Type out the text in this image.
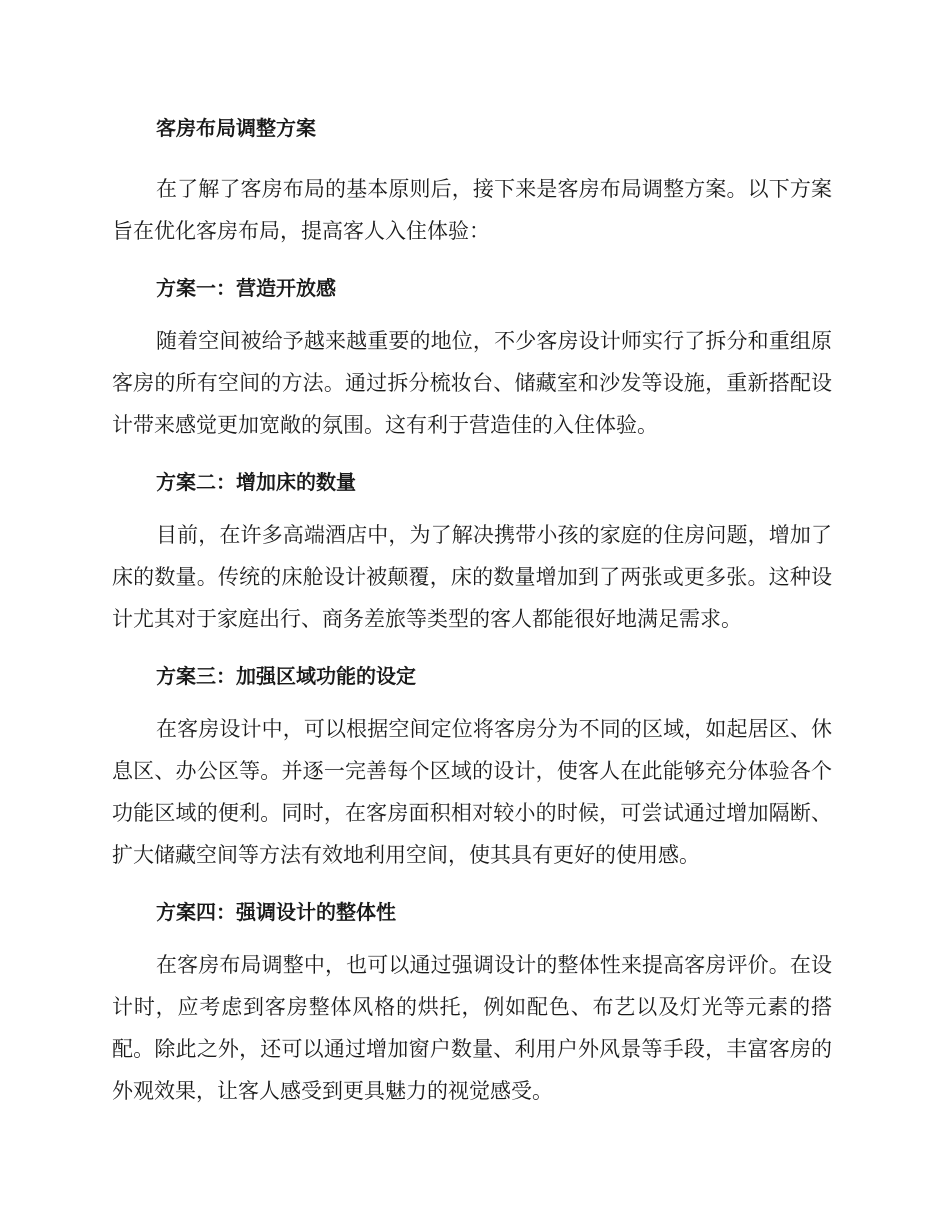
客房布局调整方案

在了解了客房布局的基本原则后，接下来是客房布局调整方案。以下方案旨在优化客房布局，提高客人入住体验：

方案一：营造开放感

随着空间被给予越来越重要的地位，不少客房设计师实行了拆分和重组原客房的所有空间的方法。通过拆分梳妆台、储藏室和沙发等设施，重新搭配设计带来感觉更加宽敞的氛围。这有利于营造佳的入住体验。

方案二：增加床的数量

目前，在许多高端酒店中，为了解决携带小孩的家庭的住房问题，增加了床的数量。传统的床舱设计被颠覆，床的数量增加到了两张或更多张。这种设计尤其对于家庭出行、商务差旅等类型的客人都能很好地满足需求。

方案三：加强区域功能的设定

在客房设计中，可以根据空间定位将客房分为不同的区域，如起居区、休息区、办公区等。并逐一完善每个区域的设计，使客人在此能够充分体验各个功能区域的便利。同时，在客房面积相对较小的时候，可尝试通过增加隔断、扩大储藏空间等方法有效地利用空间，使其具有更好的使用感。

方案四：强调设计的整体性

在客房布局调整中，也可以通过强调设计的整体性来提高客房评价。在设计时，应考虑到客房整体风格的烘托，例如配色、布艺以及灯光等元素的搭配。除此之外，还可以通过增加窗户数量、利用户外风景等手段，丰富客房的外观效果，让客人感受到更具魅力的视觉感受。
